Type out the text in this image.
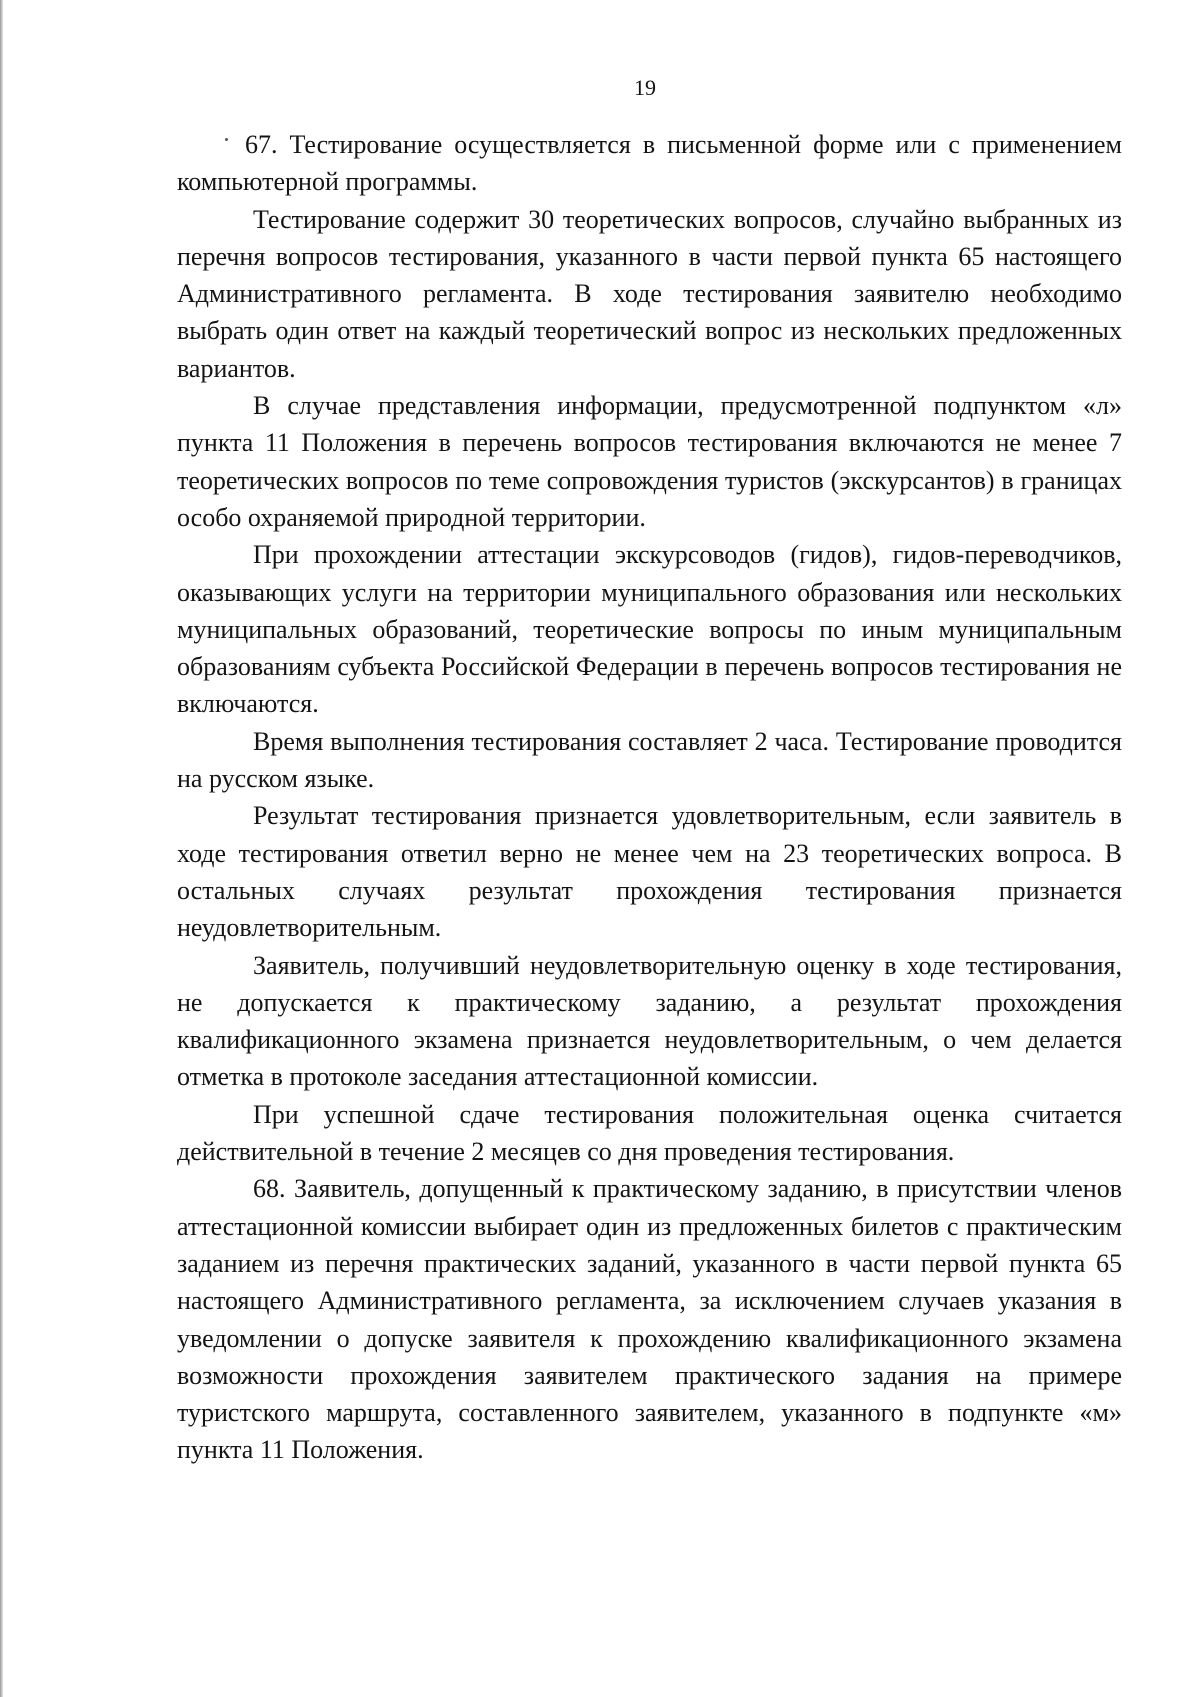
19

67. Тестирование осуществляется в письменной форме или с применением компьютерной программы.

Тестирование содержит 30 теоретических вопросов, случайно выбранных из перечня вопросов тестирования, указанного в части первой пункта 65 настоящего Административного регламента. В ходе тестирования заявителю необходимо выбрать один ответ на каждый теоретический вопрос из нескольких предложенных вариантов.

В случае представления информации, предусмотренной подпунктом «л» пункта 11 Положения в перечень вопросов тестирования включаются не менее 7 теоретических вопросов по теме сопровождения туристов (экскурсантов) в границах особо охраняемой природной территории.

При прохождении аттестации экскурсоводов (гидов), гидов-переводчиков, оказывающих услуги на территории муниципального образования или нескольких муниципальных образований, теоретические вопросы по иным муниципальным образованиям субъекта Российской Федерации в перечень вопросов тестирования не включаются.

Время выполнения тестирования составляет 2 часа. Тестирование проводится на русском языке.

Результат тестирования признается удовлетворительным, если заявитель в ходе тестирования ответил верно не менее чем на 23 теоретических вопроса. В остальных случаях результат прохождения тестирования признается неудовлетворительным.

Заявитель, получивший неудовлетворительную оценку в ходе тестирования, не допускается к практическому заданию, а результат прохождения квалификационного экзамена признается неудовлетворительным, о чем делается отметка в протоколе заседания аттестационной комиссии.

При успешной сдаче тестирования положительная оценка считается действительной в течение 2 месяцев со дня проведения тестирования.

68. Заявитель, допущенный к практическому заданию, в присутствии членов аттестационной комиссии выбирает один из предложенных билетов с практическим заданием из перечня практических заданий, указанного в части первой пункта 65 настоящего Административного регламента, за исключением случаев указания в уведомлении о допуске заявителя к прохождению квалификационного экзамена возможности прохождения заявителем практического задания на примере туристского маршрута, составленного заявителем, указанного в подпункте «м» пункта 11 Положения.
